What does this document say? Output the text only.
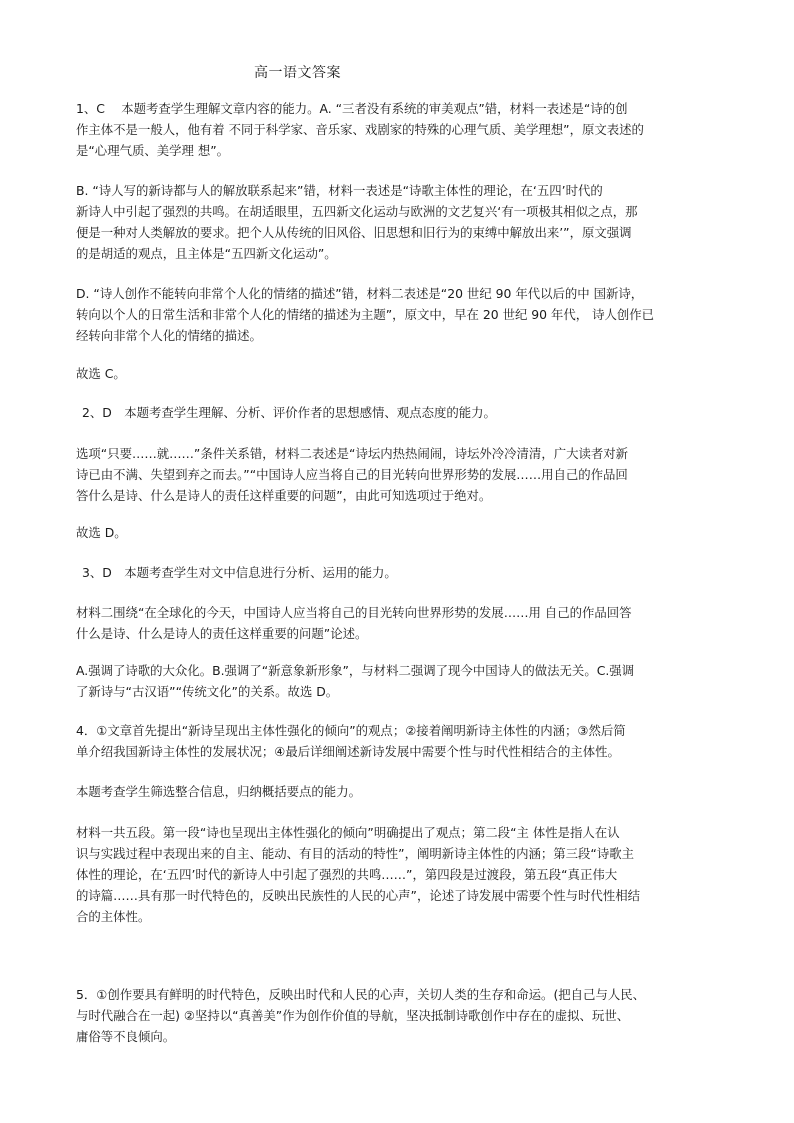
高一语文答案
1、C　 本题考查学生理解文章内容的能力。A. “三者没有系统的审美观点”错，材料一表述是“诗的创
作主体不是一般人，他有着 不同于科学家、音乐家、戏剧家的特殊的心理气质、美学理想”，原文表述的
是“心理气质、美学理 想”。
B. “诗人写的新诗都与人的解放联系起来”错，材料一表述是“诗歌主体性的理论，在‘五四’时代的
新诗人中引起了强烈的共鸣。在胡适眼里，五四新文化运动与欧洲的文艺复兴‘有一项极其相似之点，那
便是一种对人类解放的要求。把个人从传统的旧风俗、旧思想和旧行为的束缚中解放出来’”，原文强调
的是胡适的观点，且主体是“五四新文化运动”。
D. “诗人创作不能转向非常个人化的情绪的描述”错，材料二表述是“20 世纪 90 年代以后的中 国新诗，
转向以个人的日常生活和非常个人化的情绪的描述为主题”，原文中，早在 20 世纪 90 年代， 诗人创作已
经转向非常个人化的情绪的描述。
故选 C。
2、D　本题考查学生理解、分析、评价作者的思想感情、观点态度的能力。
选项“只要……就……”条件关系错，材料二表述是“诗坛内热热闹闹，诗坛外冷冷清清，广大读者对新
诗已由不满、失望到弃之而去。”“中国诗人应当将自己的目光转向世界形势的发展……用自己的作品回
答什么是诗、什么是诗人的责任这样重要的问题”，由此可知选项过于绝对。
故选 D。
3、D　本题考查学生对文中信息进行分析、运用的能力。
材料二围绕“在全球化的今天，中国诗人应当将自己的目光转向世界形势的发展……用 自己的作品回答
什么是诗、什么是诗人的责任这样重要的问题”论述。
A.强调了诗歌的大众化。B.强调了“新意象新形象”，与材料二强调了现今中国诗人的做法无关。C.强调
了新诗与“古汉语”“传统文化”的关系。故选 D。
4．①文章首先提出“新诗呈现出主体性强化的倾向”的观点；②接着阐明新诗主体性的内涵；③然后简
单介绍我国新诗主体性的发展状况；④最后详细阐述新诗发展中需要个性与时代性相结合的主体性。
本题考查学生筛选整合信息，归纳概括要点的能力。
材料一共五段。第一段“诗也呈现出主体性强化的倾向”明确提出了观点；第二段“主 体性是指人在认
识与实践过程中表现出来的自主、能动、有目的活动的特性”，阐明新诗主体性的内涵；第三段“诗歌主
体性的理论，在‘五四’时代的新诗人中引起了强烈的共鸣……”，第四段是过渡段，第五段“真正伟大
的诗篇……具有那一时代特色的，反映出民族性的人民的心声”，论述了诗发展中需要个性与时代性相结
合的主体性。
5．①创作要具有鲜明的时代特色，反映出时代和人民的心声，关切人类的生存和命运。(把自己与人民、
与时代融合在一起) ②坚持以“真善美”作为创作价值的导航，坚决抵制诗歌创作中存在的虚拟、玩世、
庸俗等不良倾向。
